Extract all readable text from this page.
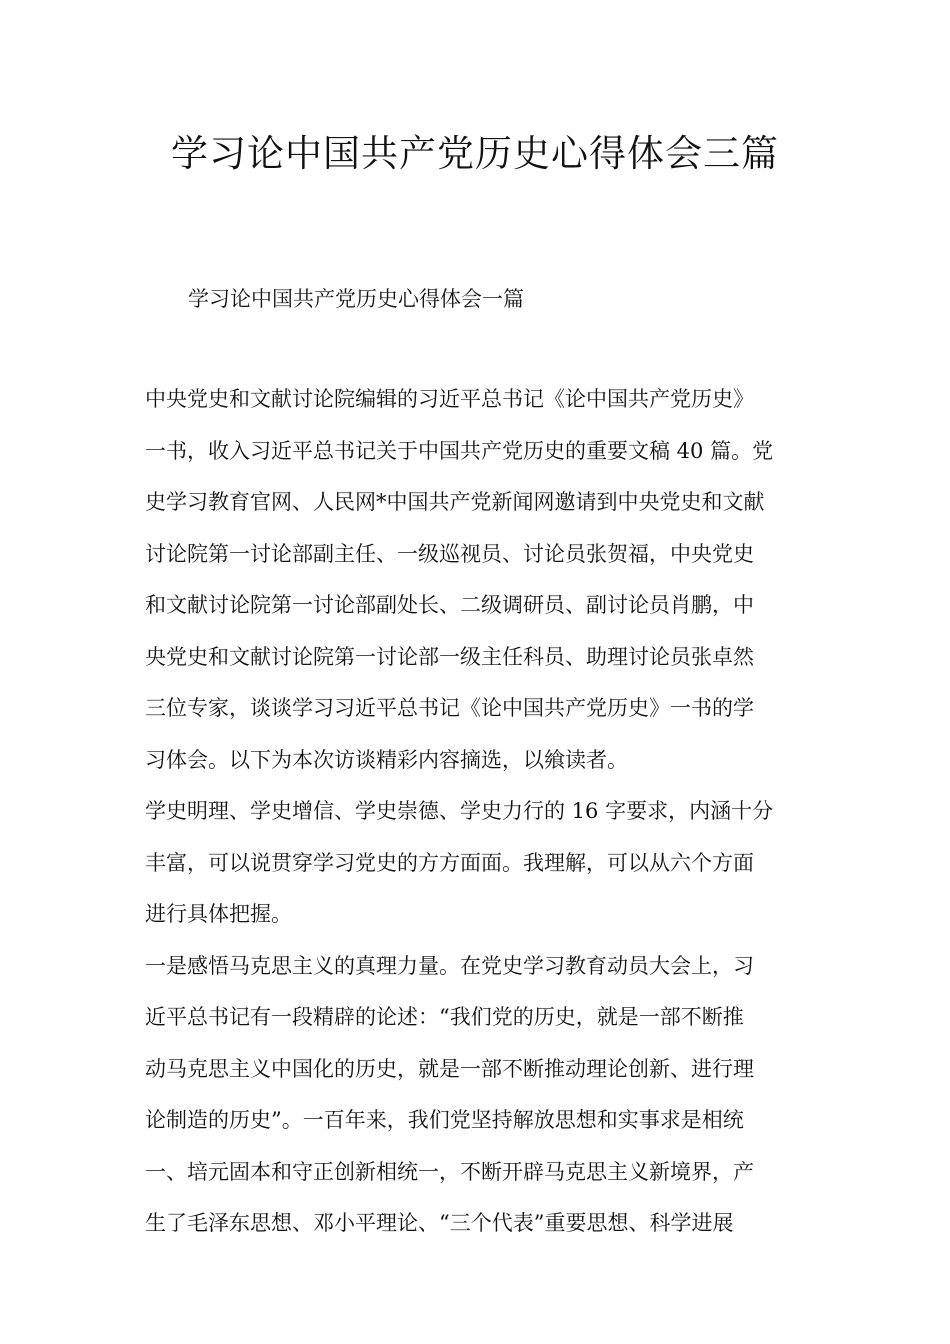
学习论中国共产党历史心得体会三篇

学习论中国共产党历史心得体会一篇

中央党史和文献讨论院编辑的习近平总书记《论中国共产党历史》
一书，收入习近平总书记关于中国共产党历史的重要文稿 40 篇。党
史学习教育官网、人民网*中国共产党新闻网邀请到中央党史和文献
讨论院第一讨论部副主任、一级巡视员、讨论员张贺福，中央党史
和文献讨论院第一讨论部副处长、二级调研员、副讨论员肖鹏，中
央党史和文献讨论院第一讨论部一级主任科员、助理讨论员张卓然
三位专家，谈谈学习习近平总书记《论中国共产党历史》一书的学
习体会。以下为本次访谈精彩内容摘选，以飨读者。

学史明理、学史增信、学史崇德、学史力行的 16 字要求，内涵十分
丰富，可以说贯穿学习党史的方方面面。我理解，可以从六个方面
进行具体把握。

一是感悟马克思主义的真理力量。在党史学习教育动员大会上，习
近平总书记有一段精辟的论述：“我们党的历史，就是一部不断推
动马克思主义中国化的历史，就是一部不断推动理论创新、进行理
论制造的历史”。一百年来，我们党坚持解放思想和实事求是相统
一、培元固本和守正创新相统一，不断开辟马克思主义新境界，产
生了毛泽东思想、邓小平理论、“三个代表”重要思想、科学进展
